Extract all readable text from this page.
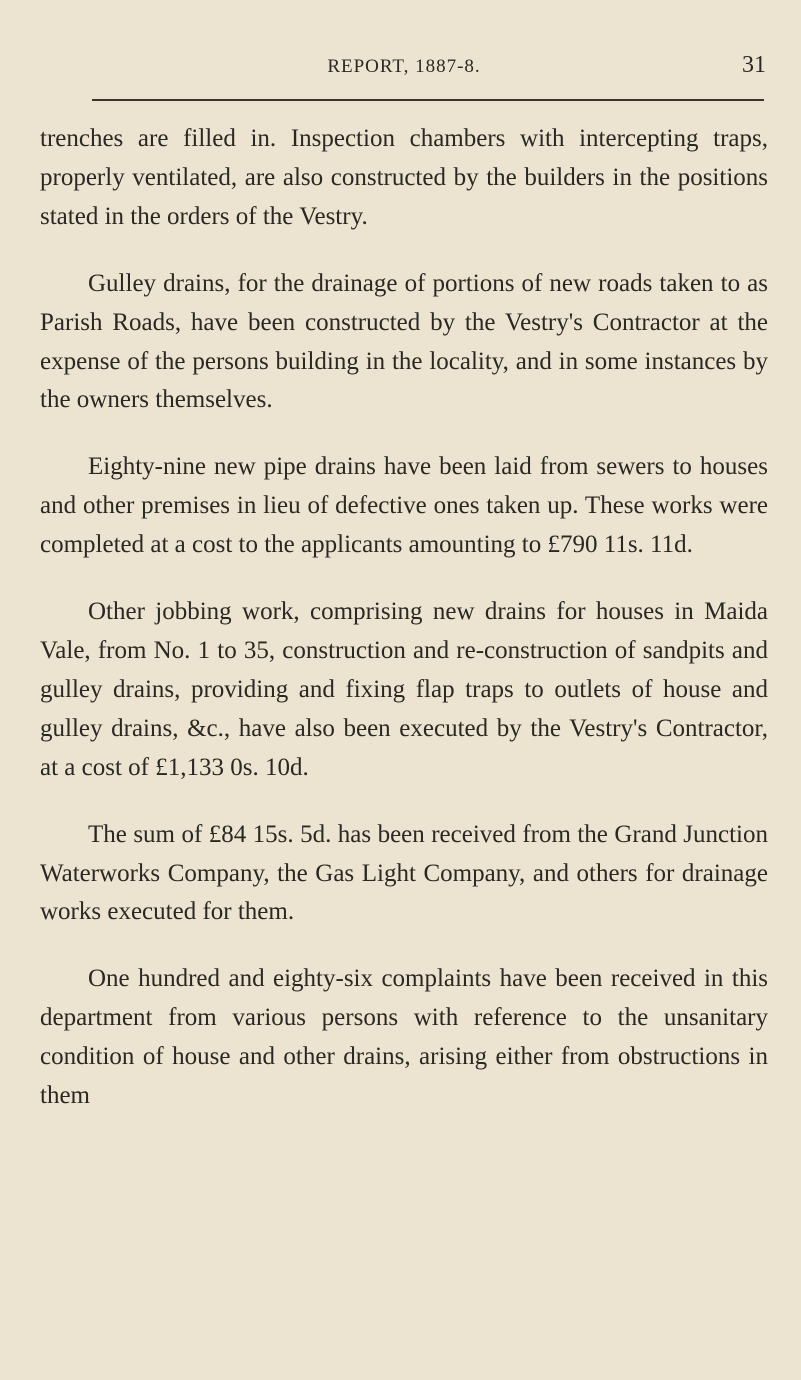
REPORT, 1887-8.	31

trenches are filled in. Inspection chambers with intercepting traps, properly ventilated, are also constructed by the builders in the positions stated in the orders of the Vestry.

Gulley drains, for the drainage of portions of new roads taken to as Parish Roads, have been constructed by the Vestry's Contractor at the expense of the persons building in the locality, and in some instances by the owners themselves.

Eighty-nine new pipe drains have been laid from sewers to houses and other premises in lieu of defective ones taken up. These works were completed at a cost to the applicants amounting to £790 11s. 11d.

Other jobbing work, comprising new drains for houses in Maida Vale, from No. 1 to 35, construction and re-construction of sandpits and gulley drains, providing and fixing flap traps to outlets of house and gulley drains, &c., have also been executed by the Vestry's Contractor, at a cost of £1,133 0s. 10d.

The sum of £84 15s. 5d. has been received from the Grand Junction Waterworks Company, the Gas Light Company, and others for drainage works executed for them.

One hundred and eighty-six complaints have been received in this department from various persons with reference to the unsanitary condition of house and other drains, arising either from obstructions in them
